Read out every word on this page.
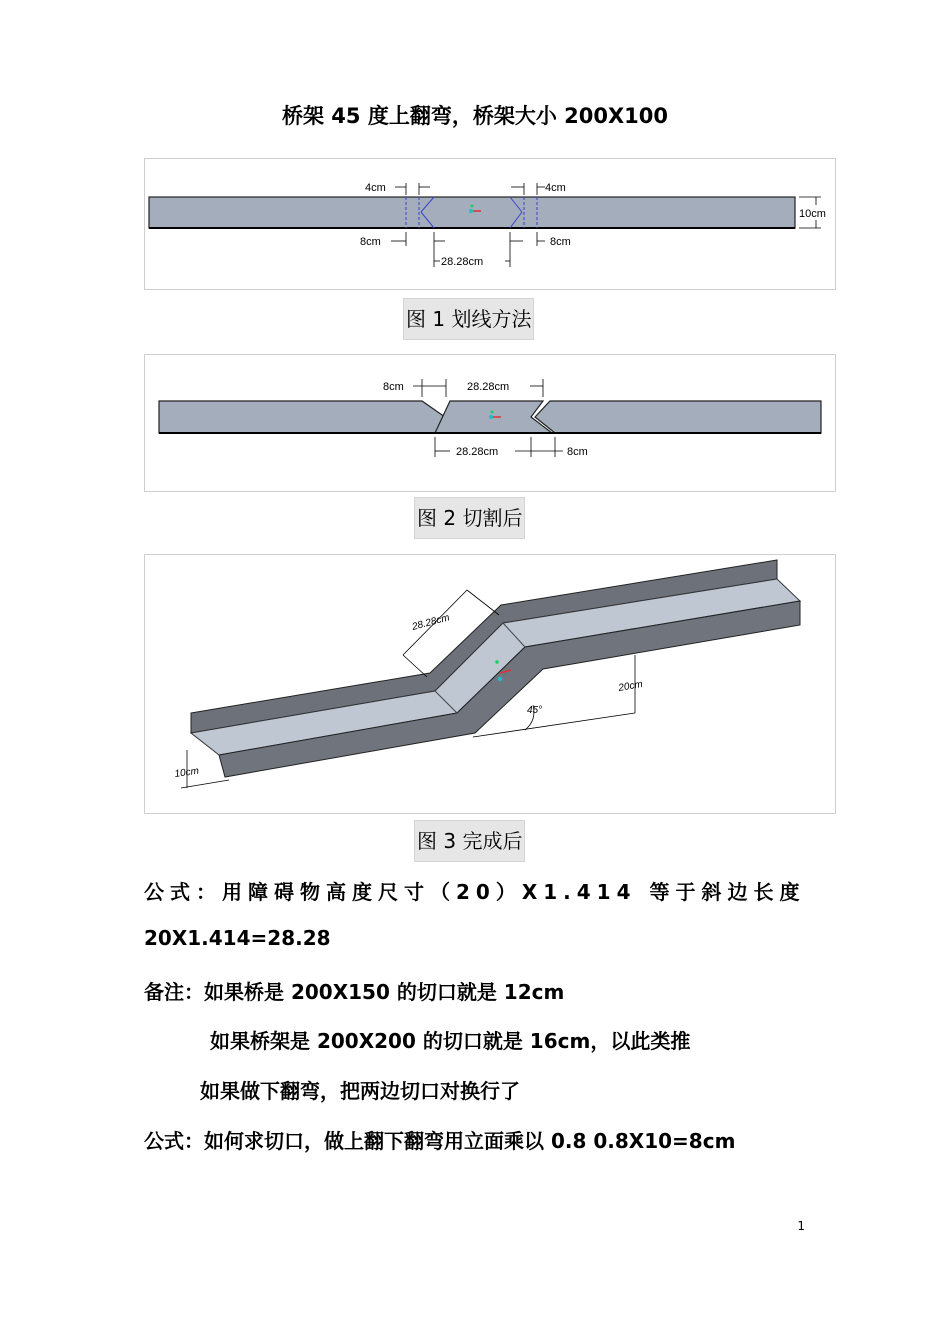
桥架 45 度上翻弯，桥架大小 200X100
4cm	4cm
8cm	8cm
28.28cm
10cm
图 1 划线方法
8cm	28.28cm
28.28cm	8cm
图 2 切割后
28.28cm
45°
20cm
10cm
图 3 完成后
公式：用障碍物高度尺寸（20）X1.414 等于斜边长度
20X1.414=28.28
备注：如果桥是 200X150 的切口就是 12cm
如果桥架是 200X200 的切口就是 16cm，以此类推
如果做下翻弯，把两边切口对换行了
公式：如何求切口，做上翻下翻弯用立面乘以 0.8 0.8X10=8cm
1
